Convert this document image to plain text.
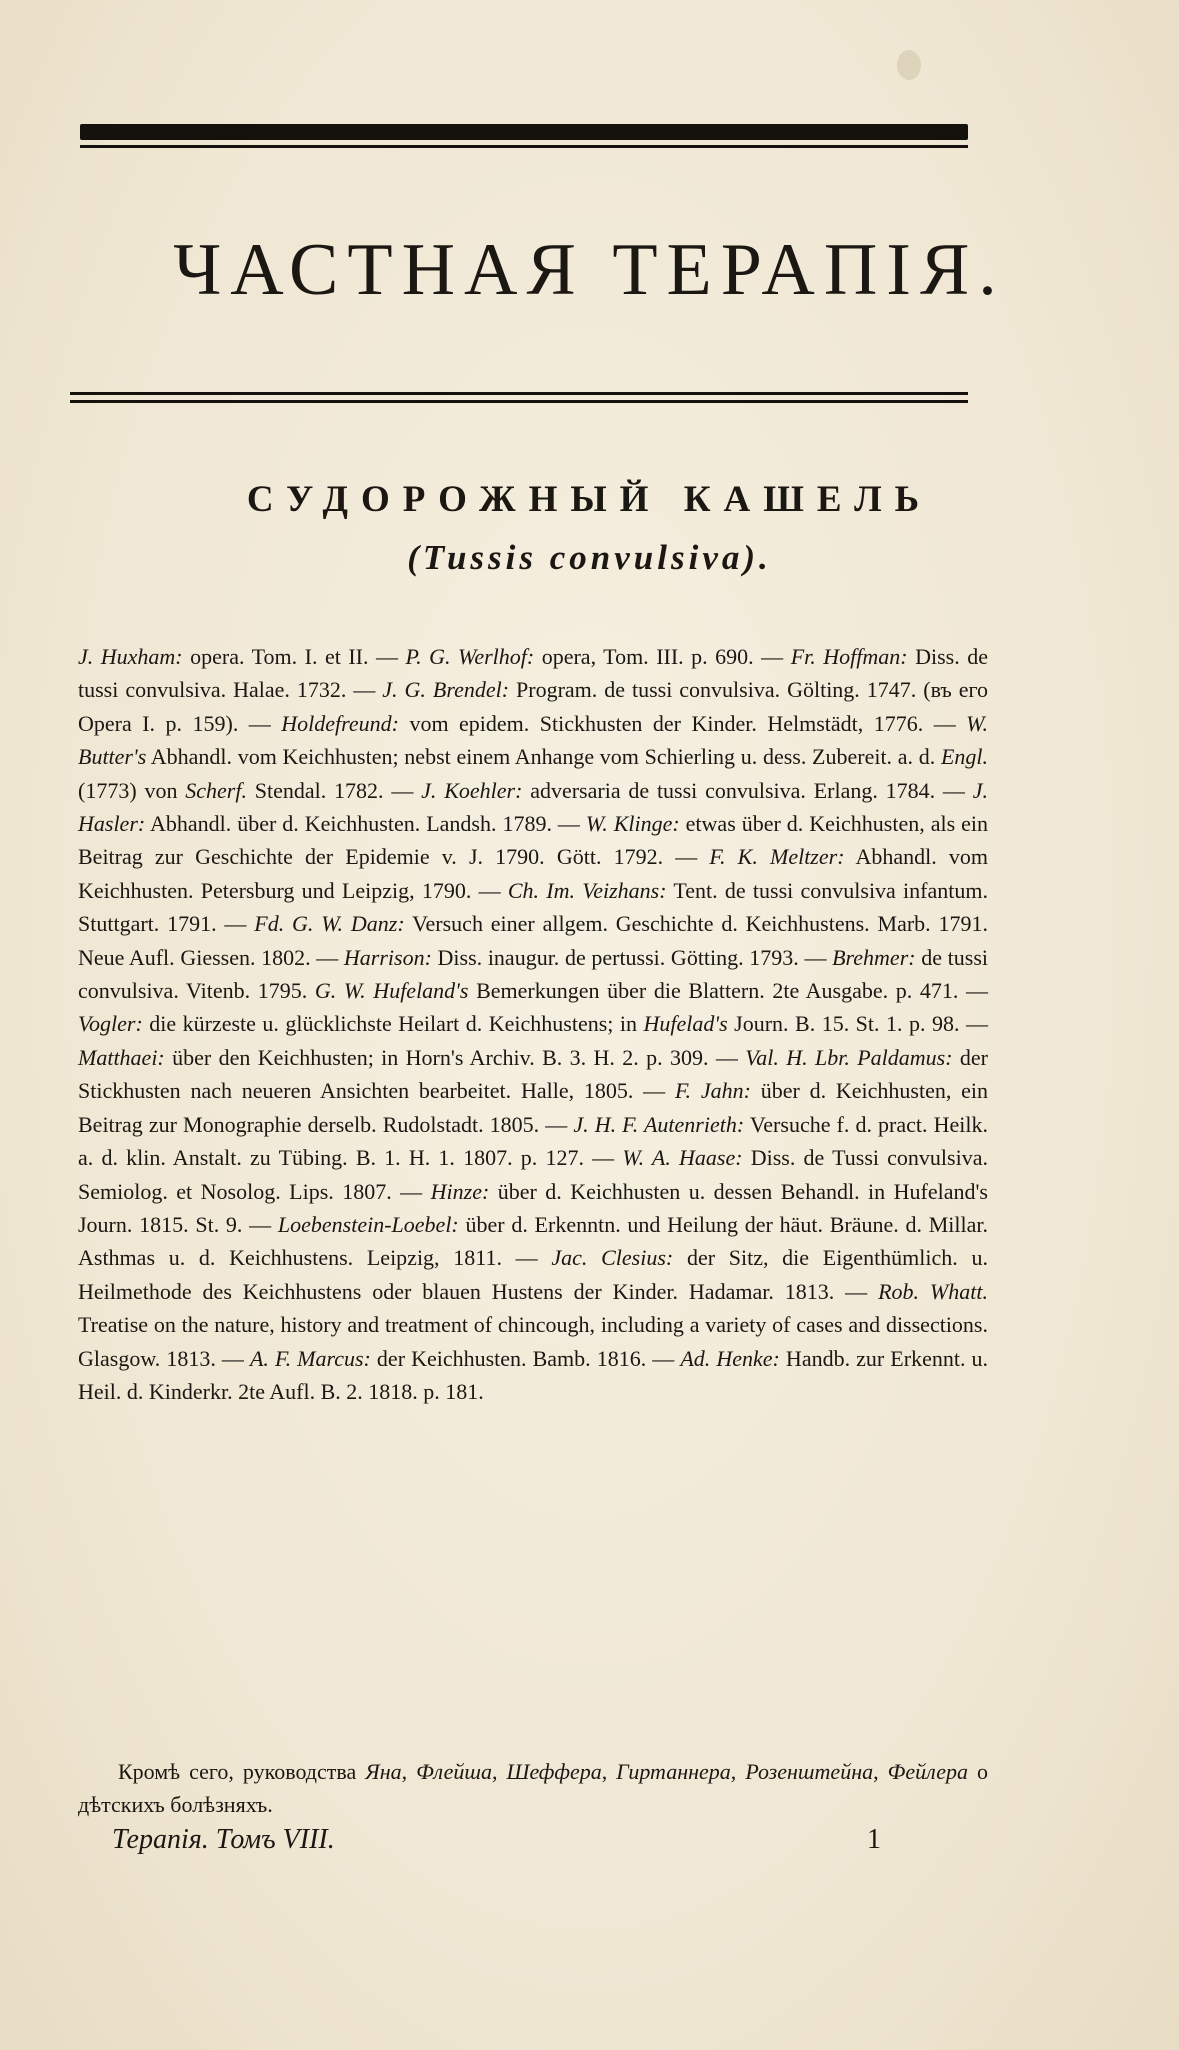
ЧАСТНАЯ ТЕРАПІЯ.
СУДОРОЖНЫЙ КАШЕЛЬ
(Tussis convulsiva).

J. Huxham: opera. Tom. I. et II. — P. G. Werlhof: opera, Tom. III. p. 690. — Fr. Hoffman: Diss. de tussi convulsiva. Halae. 1732. — J. G. Brendel: Program. de tussi convulsiva. Gölting. 1747. (въ его Opera I. p. 159). — Holdefreund: vom epidem. Stickhusten der Kinder. Helmstädt, 1776. — W. Butter's Abhandl. vom Keichhusten; nebst einem Anhange vom Schierling u. dess. Zubereit. a. d. Engl. (1773) von Scherf. Stendal. 1782. — J. Koehler: adversaria de tussi convulsiva. Erlang. 1784. — J. Hasler: Abhandl. über d. Keichhusten. Landsh. 1789. — W. Klinge: etwas über d. Keichhusten, als ein Beitrag zur Geschichte der Epidemie v. J. 1790. Gött. 1792. — F. K. Meltzer: Abhandl. vom Keichhusten. Petersburg und Leipzig, 1790. — Ch. Im. Veizhans: Tent. de tussi convulsiva infantum. Stuttgart. 1791. — Fd. G. W. Danz: Versuch einer allgem. Geschichte d. Keichhustens. Marb. 1791. Neue Aufl. Giessen. 1802. — Harrison: Diss. inaugur. de pertussi. Götting. 1793. — Brehmer: de tussi convulsiva. Vitenb. 1795. G. W. Hufeland's Bemerkungen über die Blattern. 2te Ausgabe. p. 471. — Vogler: die kürzeste u. glücklichste Heilart d. Keichhustens; in Hufelad's Journ. B. 15. St. 1. p. 98. — Matthaei: über den Keichhusten; in Horn's Archiv. B. 3. H. 2. p. 309. — Val. H. Lbr. Paldamus: der Stickhusten nach neueren Ansichten bearbeitet. Halle, 1805. — F. Jahn: über d. Keichhusten, ein Beitrag zur Monographie derselb. Rudolstadt. 1805. — J. H. F. Autenrieth: Versuche f. d. pract. Heilk. a. d. klin. Anstalt. zu Tübing. B. 1. H. 1. 1807. p. 127. — W. A. Haase: Diss. de Tussi convulsiva. Semiolog. et Nosolog. Lips. 1807. — Hinze: über d. Keichhusten u. dessen Behandl. in Hufeland's Journ. 1815. St. 9. — Loebenstein-Loebel: über d. Erkenntn. und Heilung der häut. Bräune. d. Millar. Asthmas u. d. Keichhustens. Leipzig, 1811. — Jac. Clesius: der Sitz, die Eigenthümlich. u. Heilmethode des Keichhustens oder blauen Hustens der Kinder. Hadamar. 1813. — Rob. Whatt. Treatise on the nature, history and treatment of chincough, including a variety of cases and dissections. Glasgow. 1813. — A. F. Marcus: der Keichhusten. Bamb. 1816. — Ad. Henke: Handb. zur Erkennt. u. Heil. d. Kinderkr. 2te Aufl. B. 2. 1818. p. 181.

Кромѣ сего, руководства Яна, Флейша, Шеффера, Гиртаннера, Розенштейна, Фейлера о дѣтскихъ болѣзняхъ.
Терапія. Томъ VIII.	1
